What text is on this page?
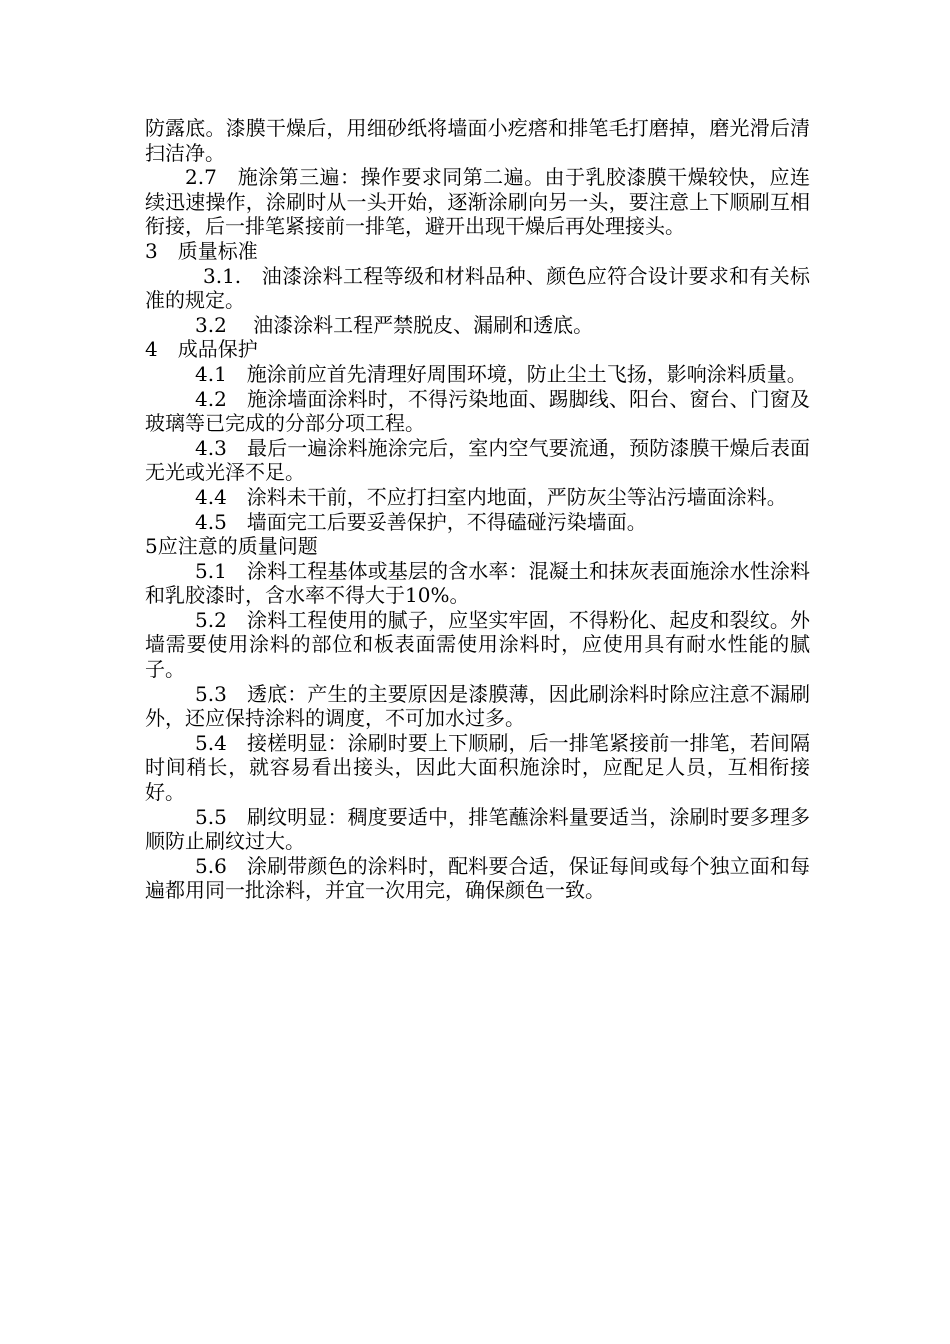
防露底。漆膜干燥后，用细砂纸将墙面小疙瘩和排笔毛打磨掉，磨光滑后清扫洁净。

2.7　施涂第三遍：操作要求同第二遍。由于乳胶漆膜干燥较快，应连续迅速操作，涂刷时从一头开始，逐渐涂刷向另一头，要注意上下顺刷互相衔接，后一排笔紧接前一排笔，避开出现干燥后再处理接头。

3　质量标准

3.1.　油漆涂料工程等级和材料品种、颜色应符合设计要求和有关标准的规定。

3.2　 油漆涂料工程严禁脱皮、漏刷和透底。

4　成品保护

4.1　施涂前应首先清理好周围环境，防止尘土飞扬，影响涂料质量。

4.2　施涂墙面涂料时，不得污染地面、踢脚线、阳台、窗台、门窗及玻璃等已完成的分部分项工程。

4.3　最后一遍涂料施涂完后，室内空气要流通，预防漆膜干燥后表面无光或光泽不足。

4.4　涂料未干前，不应打扫室内地面，严防灰尘等沾污墙面涂料。

4.5　墙面完工后要妥善保护，不得磕碰污染墙面。

5应注意的质量问题

5.1　涂料工程基体或基层的含水率：混凝土和抹灰表面施涂水性涂料和乳胶漆时，含水率不得大于10%。

5.2　涂料工程使用的腻子，应坚实牢固，不得粉化、起皮和裂纹。外墙需要使用涂料的部位和板表面需使用涂料时，应使用具有耐水性能的腻子。

5.3　透底：产生的主要原因是漆膜薄，因此刷涂料时除应注意不漏刷外，还应保持涂料的调度，不可加水过多。

5.4　接槎明显：涂刷时要上下顺刷，后一排笔紧接前一排笔，若间隔时间稍长，就容易看出接头，因此大面积施涂时，应配足人员，互相衔接好。

5.5　刷纹明显：稠度要适中，排笔蘸涂料量要适当，涂刷时要多理多顺防止刷纹过大。

5.6　涂刷带颜色的涂料时，配料要合适，保证每间或每个独立面和每遍都用同一批涂料，并宜一次用完，确保颜色一致。
